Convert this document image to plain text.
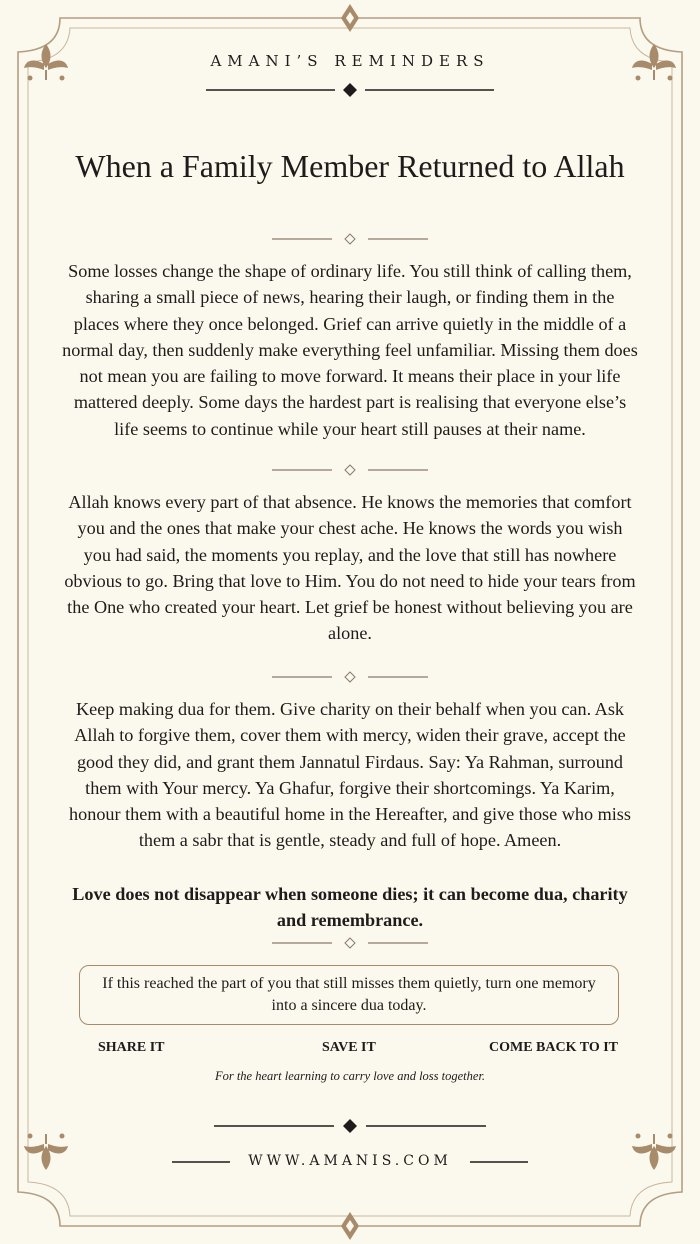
AMANI’S REMINDERS
When a Family Member Returned to Allah
Some losses change the shape of ordinary life. You still think of calling them, sharing a small piece of news, hearing their laugh, or finding them in the places where they once belonged. Grief can arrive quietly in the middle of a normal day, then suddenly make everything feel unfamiliar. Missing them does not mean you are failing to move forward. It means their place in your life mattered deeply. Some days the hardest part is realising that everyone else’s life seems to continue while your heart still pauses at their name.
Allah knows every part of that absence. He knows the memories that comfort you and the ones that make your chest ache. He knows the words you wish you had said, the moments you replay, and the love that still has nowhere obvious to go. Bring that love to Him. You do not need to hide your tears from the One who created your heart. Let grief be honest without believing you are alone.
Keep making dua for them. Give charity on their behalf when you can. Ask Allah to forgive them, cover them with mercy, widen their grave, accept the good they did, and grant them Jannatul Firdaus. Say: Ya Rahman, surround them with Your mercy. Ya Ghafur, forgive their shortcomings. Ya Karim, honour them with a beautiful home in the Hereafter, and give those who miss them a sabr that is gentle, steady and full of hope. Ameen.
Love does not disappear when someone dies; it can become dua, charity and remembrance.
If this reached the part of you that still misses them quietly, turn one memory into a sincere dua today.
SHARE IT	SAVE IT	COME BACK TO IT
For the heart learning to carry love and loss together.
WWW.AMANIS.COM
